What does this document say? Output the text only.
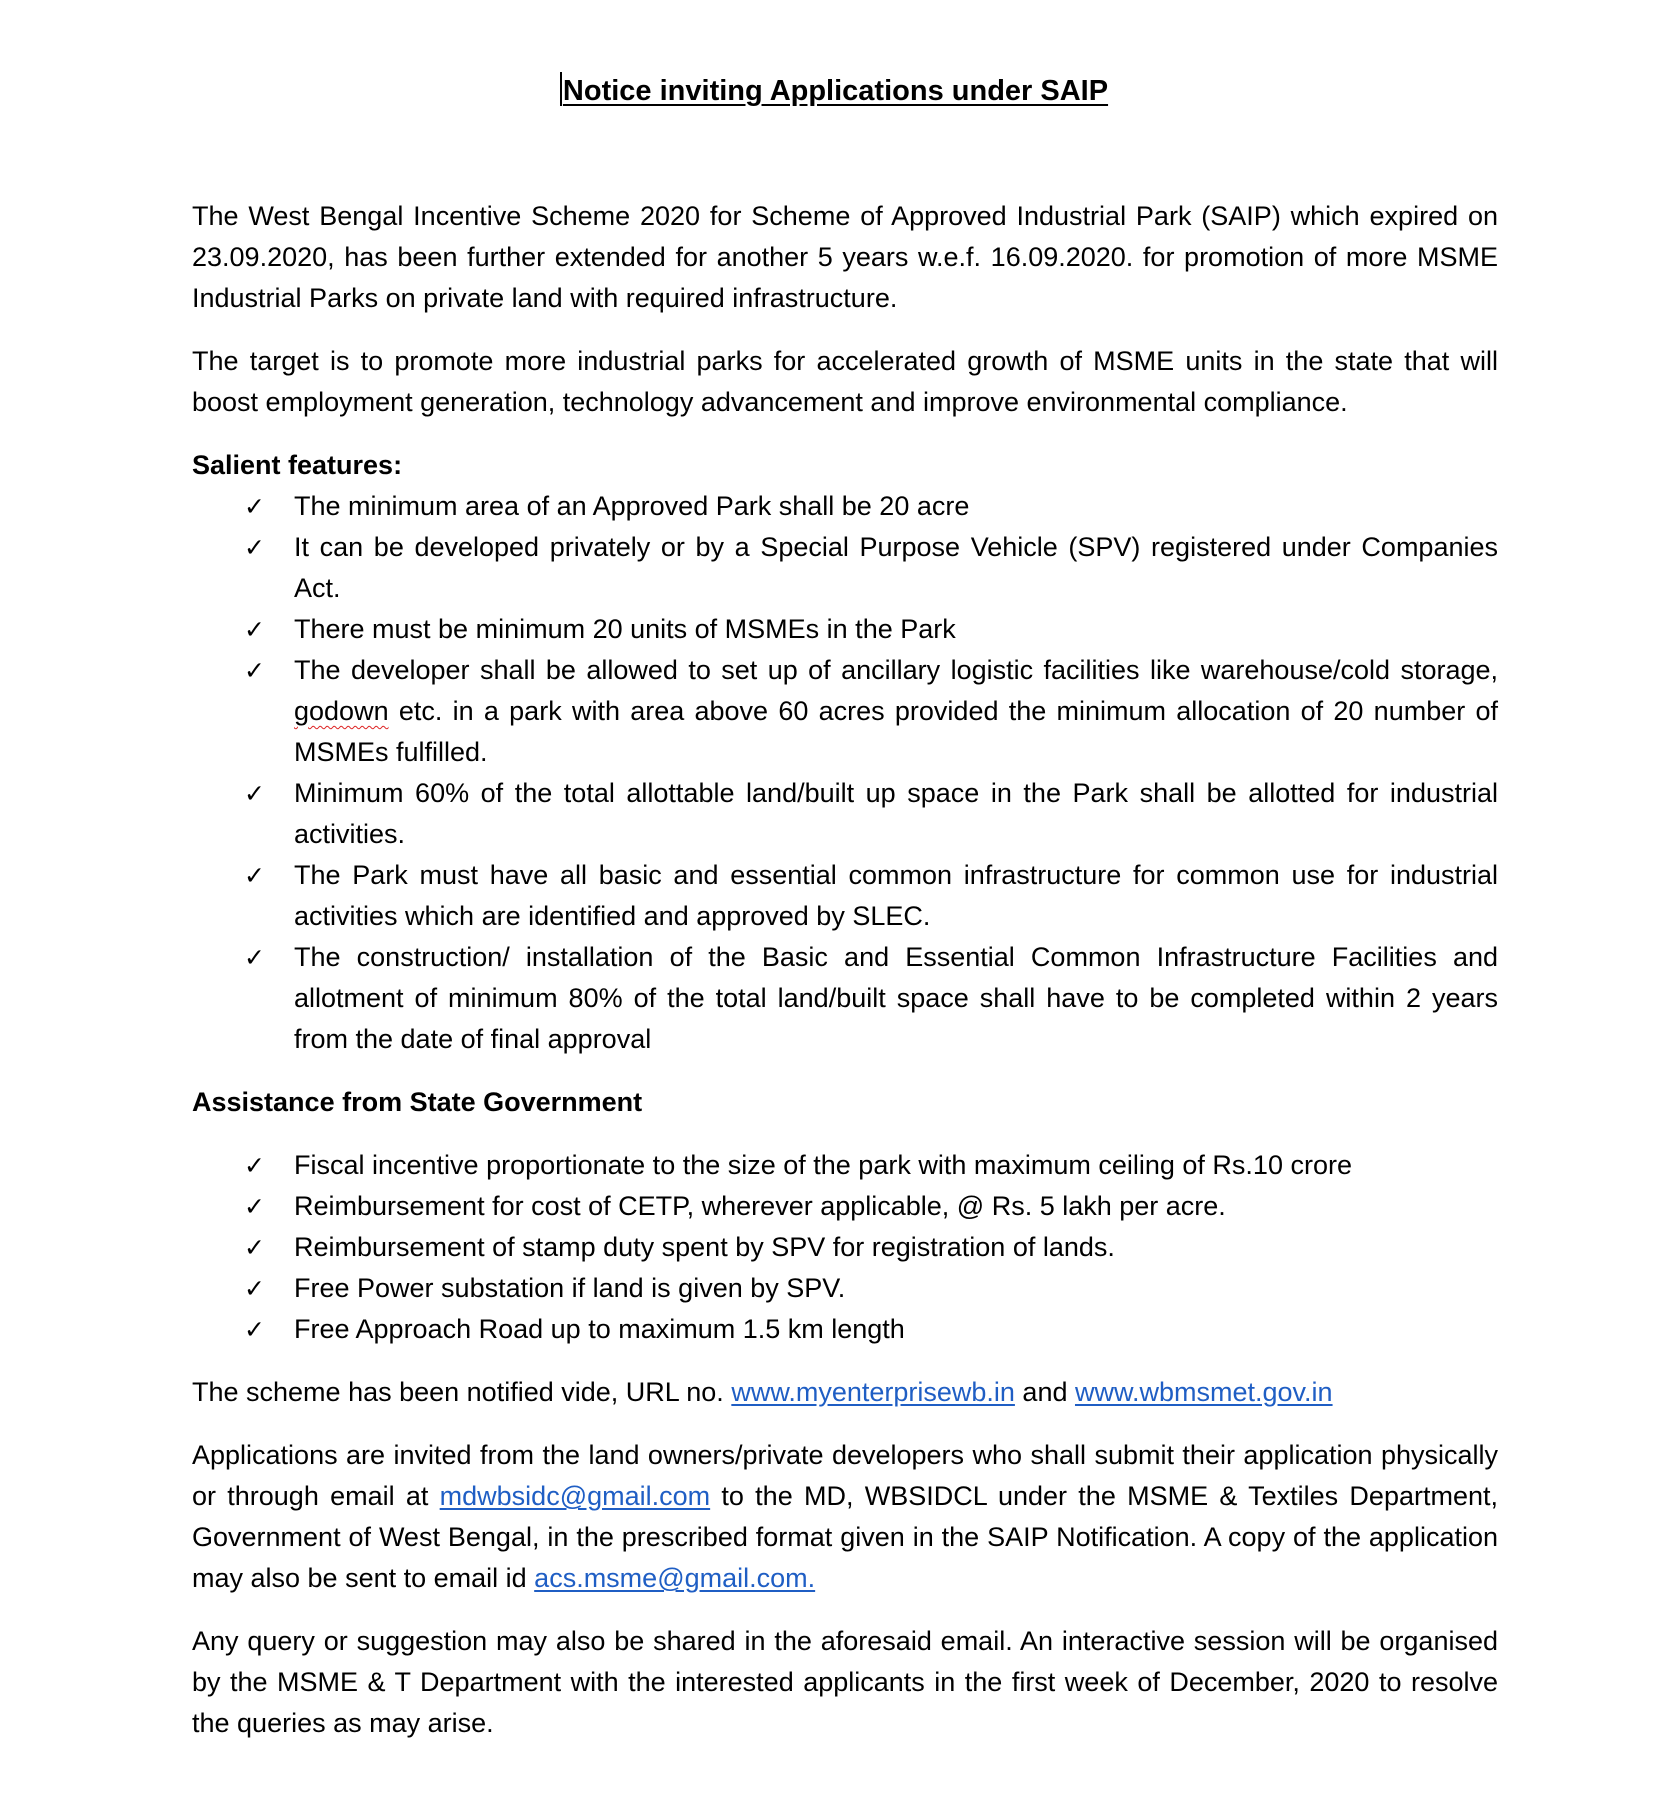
Notice inviting Applications under SAIP

The West Bengal Incentive Scheme 2020 for Scheme of Approved Industrial Park (SAIP) which expired on 23.09.2020, has been further extended for another 5 years w.e.f. 16.09.2020. for promotion of more MSME Industrial Parks on private land with required infrastructure.

The target is to promote more industrial parks for accelerated growth of MSME units in the state that will boost employment generation, technology advancement and improve environmental compliance.

Salient features:
✓ The minimum area of an Approved Park shall be 20 acre
✓ It can be developed privately or by a Special Purpose Vehicle (SPV) registered under Companies Act.
✓ There must be minimum 20 units of MSMEs in the Park
✓ The developer shall be allowed to set up of ancillary logistic facilities like warehouse/cold storage, godown etc. in a park with area above 60 acres provided the minimum allocation of 20 number of MSMEs fulfilled.
✓ Minimum 60% of the total allottable land/built up space in the Park shall be allotted for industrial activities.
✓ The Park must have all basic and essential common infrastructure for common use for industrial activities which are identified and approved by SLEC.
✓ The construction/ installation of the Basic and Essential Common Infrastructure Facilities and allotment of minimum 80% of the total land/built space shall have to be completed within 2 years from the date of final approval
Assistance from State Government
✓ Fiscal incentive proportionate to the size of the park with maximum ceiling of Rs.10 crore
✓ Reimbursement for cost of CETP, wherever applicable, @ Rs. 5 lakh per acre.
✓ Reimbursement of stamp duty spent by SPV for registration of lands.
✓ Free Power substation if land is given by SPV.
✓ Free Approach Road up to maximum 1.5 km length

The scheme has been notified vide, URL no. www.myenterprisewb.in and www.wbmsmet.gov.in

Applications are invited from the land owners/private developers who shall submit their application physically or through email at mdwbsidc@gmail.com to the MD, WBSIDCL under the MSME & Textiles Department, Government of West Bengal, in the prescribed format given in the SAIP Notification. A copy of the application may also be sent to email id acs.msme@gmail.com.

Any query or suggestion may also be shared in the aforesaid email. An interactive session will be organised by the MSME & T Department with the interested applicants in the first week of December, 2020 to resolve the queries as may arise.
